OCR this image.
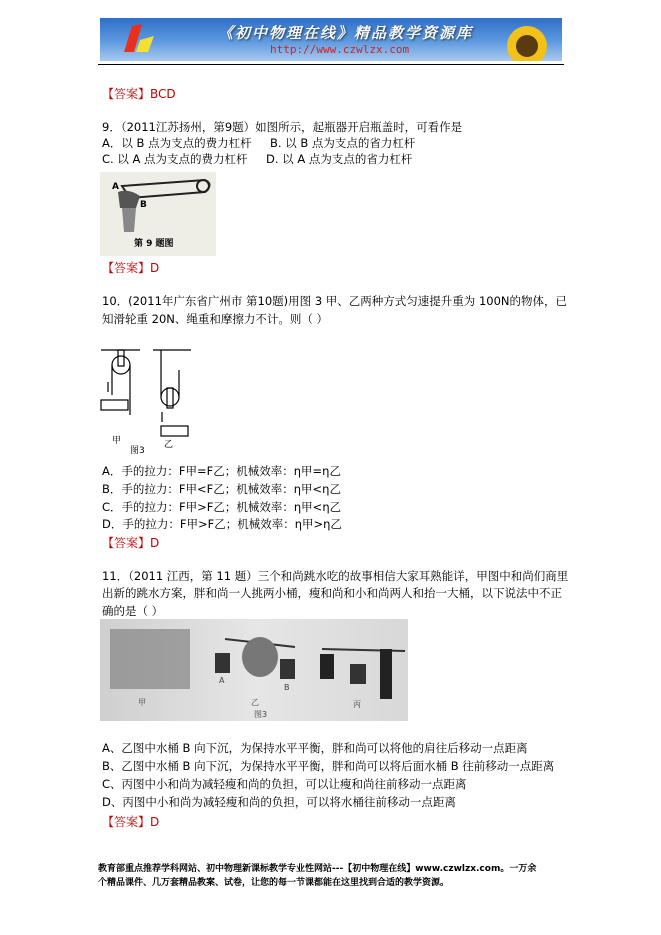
《初中物理在线》精品教学资源库
http://www.czwlzx.com
【答案】BCD
9．（2011江苏扬州，第9题）如图所示，起瓶器开启瓶盖时，可看作是
A．以 B 点为支点的费力杠杆 B. 以 B 点为支点的省力杠杆
C. 以 A 点为支点的费力杠杆 D. 以 A 点为支点的省力杠杆
A
B
第 9 题图
【答案】D
10．(2011年广东省广州市 第10题)用图 3 甲、乙两种方式匀速提升重为 100N的物体，已
知滑轮重 20N、绳重和摩擦力不计。则（ ）
甲	乙
图3
A．手的拉力：F甲=F乙；机械效率：η甲=η乙
B．手的拉力：F甲<F乙；机械效率：η甲<η乙
C．手的拉力：F甲>F乙；机械效率：η甲<η乙
D．手的拉力：F甲>F乙；机械效率：η甲>η乙
【答案】D
11．（2011 江西，第 11 题）三个和尚跳水吃的故事相信大家耳熟能详，甲图中和尚们商里
出新的跳水方案，胖和尚一人挑两小桶，瘦和尚和小和尚两人和抬一大桶，以下说法中不正
确的是（ ）
甲	乙	丙
A
B
图3
A、乙图中水桶 B 向下沉，为保持水平平衡，胖和尚可以将他的肩往后移动一点距离
B、乙图中水桶 B 向下沉，为保持水平平衡，胖和尚可以将后面水桶 B 往前移动一点距离
C、丙图中小和尚为减轻瘦和尚的负担，可以让瘦和尚往前移动一点距离
D、丙图中小和尚为减轻瘦和尚的负担，可以将水桶往前移动一点距离
【答案】D
教育部重点推荐学科网站、初中物理新课标教学专业性网站---【初中物理在线】www.czwlzx.com。一万余
个精品课件、几万套精品教案、试卷，让您的每一节课都能在这里找到合适的教学资源。
